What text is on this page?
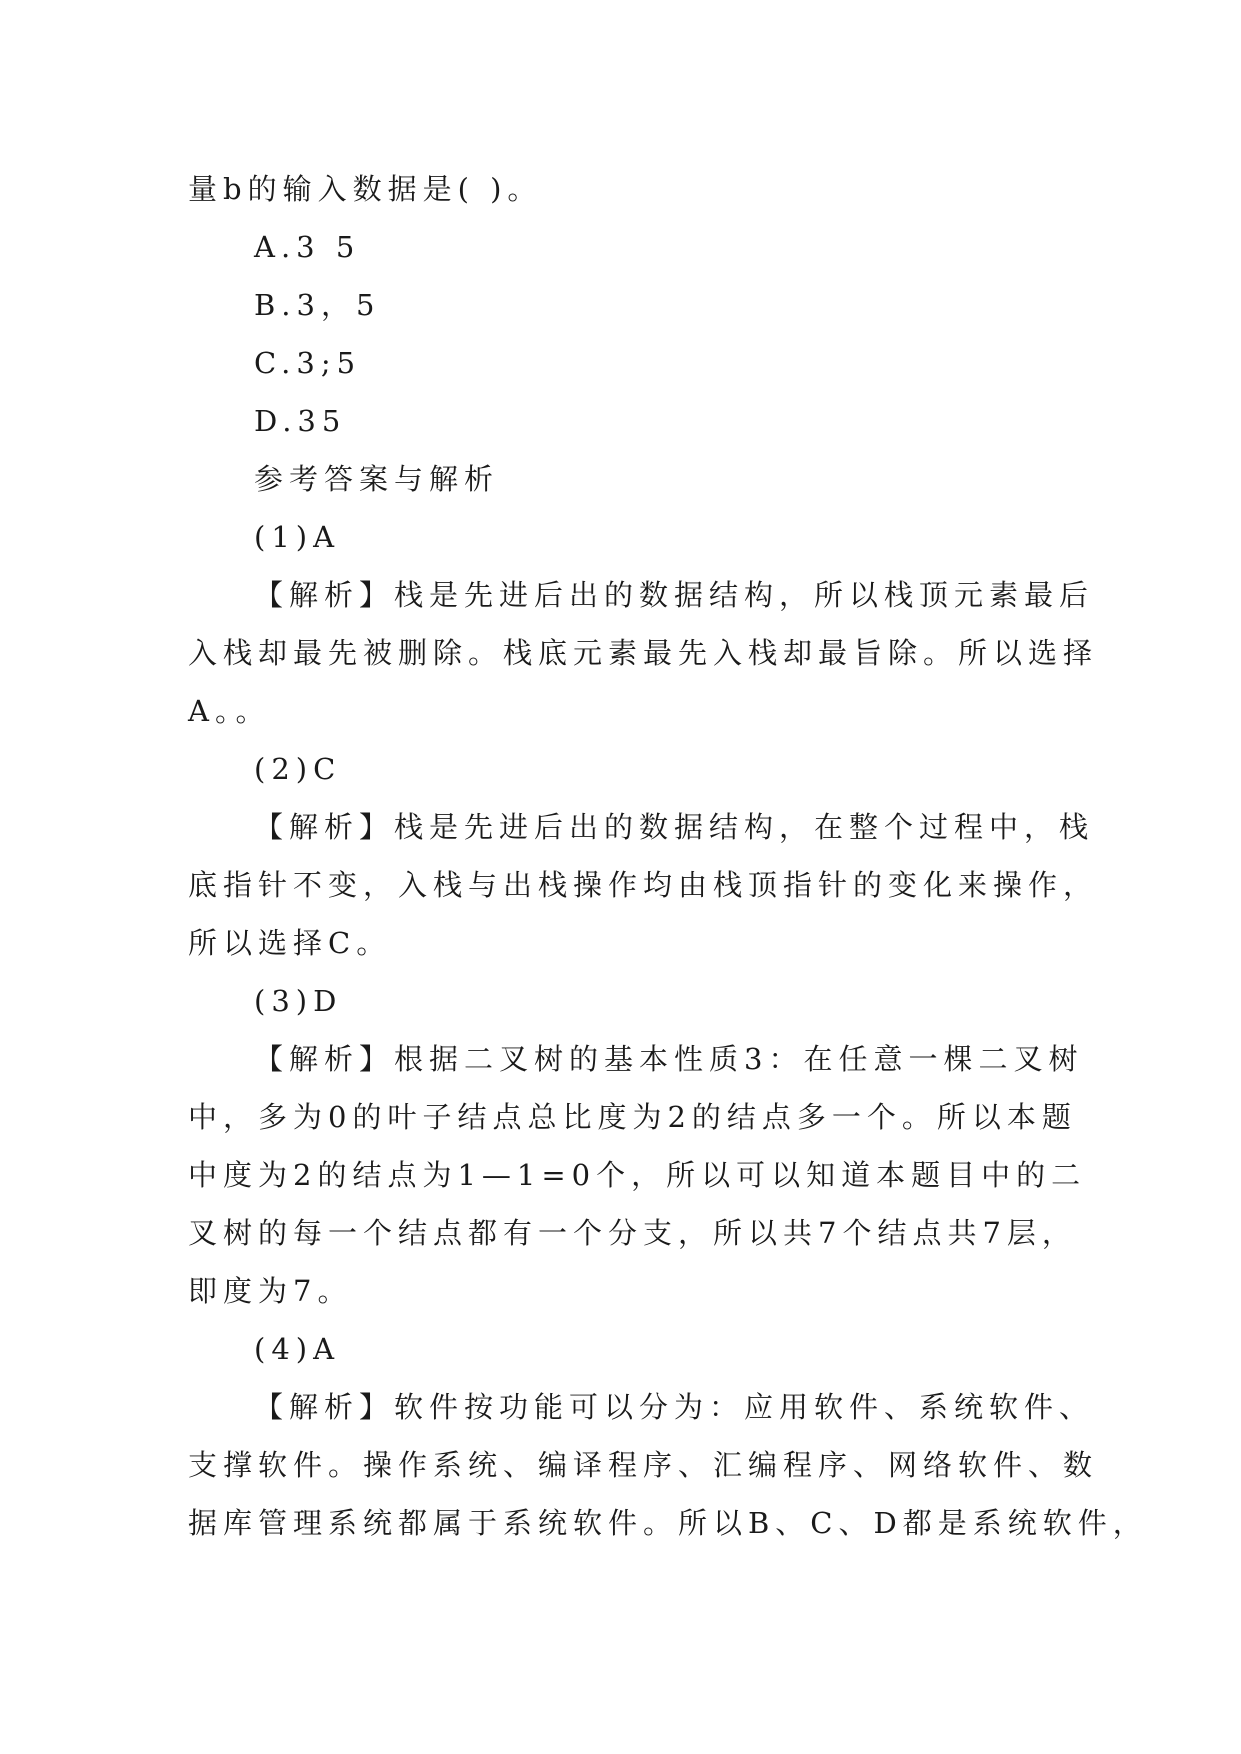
量b的输入数据是( )。
A.3 5
B.3，5
C.3;5
D.35
参考答案与解析
(1)A
【解析】栈是先进后出的数据结构，所以栈顶元素最后
入栈却最先被删除。栈底元素最先入栈却最旨除。所以选择
A。。
(2)C
【解析】栈是先进后出的数据结构，在整个过程中，栈
底指针不变，入栈与出栈操作均由栈顶指针的变化来操作，
所以选择C。
(3)D
【解析】根据二叉树的基本性质3：在任意一棵二叉树
中，多为0的叶子结点总比度为2的结点多一个。所以本题
中度为2的结点为1—1=0个，所以可以知道本题目中的二
叉树的每一个结点都有一个分支，所以共7个结点共7层，
即度为7。
(4)A
【解析】软件按功能可以分为：应用软件、系统软件、
支撑软件。操作系统、编译程序、汇编程序、网络软件、数
据库管理系统都属于系统软件。所以B、C、D都是系统软件，
